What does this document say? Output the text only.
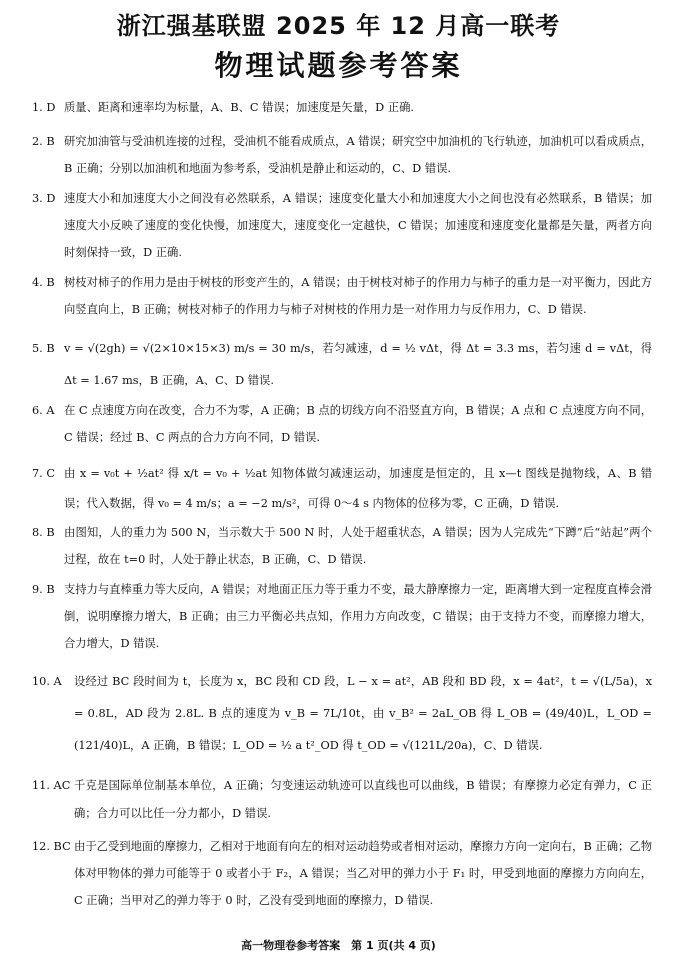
浙江强基联盟 2025 年 12 月高一联考
物理试题参考答案
1. D 质量、距离和速率均为标量，A、B、C 错误；加速度是矢量，D 正确.
2. B 研究加油管与受油机连接的过程，受油机不能看成质点，A 错误；研究空中加油机的飞行轨迹，加油机可以看成质点，B 正确；分别以加油机和地面为参考系，受油机是静止和运动的，C、D 错误.
3. D 速度大小和加速度大小之间没有必然联系，A 错误；速度变化量大小和加速度大小之间也没有必然联系，B 错误；加速度大小反映了速度的变化快慢，加速度大，速度变化一定越快，C 错误；加速度和速度变化量都是矢量，两者方向时刻保持一致，D 正确.
4. B 树枝对柿子的作用力是由于树枝的形变产生的，A 错误；由于树枝对柿子的作用力与柿子的重力是一对平衡力，因此方向竖直向上，B 正确；树枝对柿子的作用力与柿子对树枝的作用力是一对作用力与反作用力，C、D 错误.
5. B v = √(2gh) = √(2×10×15×3) m/s = 30 m/s，若匀减速，d = ½ vΔt，得 Δt = 3.3 ms，若匀速 d = vΔt，得 Δt = 1.67 ms，B 正确，A、C、D 错误.
6. A 在 C 点速度方向在改变，合力不为零，A 正确；B 点的切线方向不沿竖直方向，B 错误；A 点和 C 点速度方向不同，C 错误；经过 B、C 两点的合力方向不同，D 错误.
7. C 由 x = v₀t + ½at² 得 x/t = v₀ + ½at 知物体做匀减速运动，加速度是恒定的，且 x—t 图线是抛物线，A、B 错误；代入数据，得 v₀ = 4 m/s；a = −2 m/s²，可得 0～4 s 内物体的位移为零，C 正确，D 错误.
8. B 由图知，人的重力为 500 N，当示数大于 500 N 时，人处于超重状态，A 错误；因为人完成先“下蹲”后“站起”两个过程，故在 t=0 时，人处于静止状态，B 正确，C、D 错误.
9. B 支持力与直棒重力等大反向，A 错误；对地面正压力等于重力不变，最大静摩擦力一定，距离增大到一定程度直棒会滑倒，说明摩擦力增大，B 正确；由三力平衡必共点知，作用力方向改变，C 错误；由于支持力不变，而摩擦力增大，合力增大，D 错误.
10. A	设经过 BC 段时间为 t，长度为 x，BC 段和 CD 段，L − x = at²，AB 段和 BD 段，x = 4at²，t = √(L/5a)，x = 0.8L，AD 段为 2.8L. B 点的速度为 v_B = 7L/10t，由 v_B² = 2aL_OB 得 L_OB = (49/40)L，L_OD = (121/40)L，A 正确，B 错误；L_OD = ½ a t²_OD 得 t_OD = √(121L/20a)，C、D 错误.
11. AC 千克是国际单位制基本单位，A 正确；匀变速运动轨迹可以直线也可以曲线，B 错误；有摩擦力必定有弹力，C 正确；合力可以比任一分力都小，D 错误.
12. BC 由于乙受到地面的摩擦力，乙相对于地面有向左的相对运动趋势或者相对运动，摩擦力方向一定向右，B 正确；乙物体对甲物体的弹力可能等于 0 或者小于 F₂，A 错误；当乙对甲的弹力小于 F₁ 时，甲受到地面的摩擦力方向向左，C 正确；当甲对乙的弹力等于 0 时，乙没有受到地面的摩擦力，D 错误.
高一物理卷参考答案　第 1 页(共 4 页)
